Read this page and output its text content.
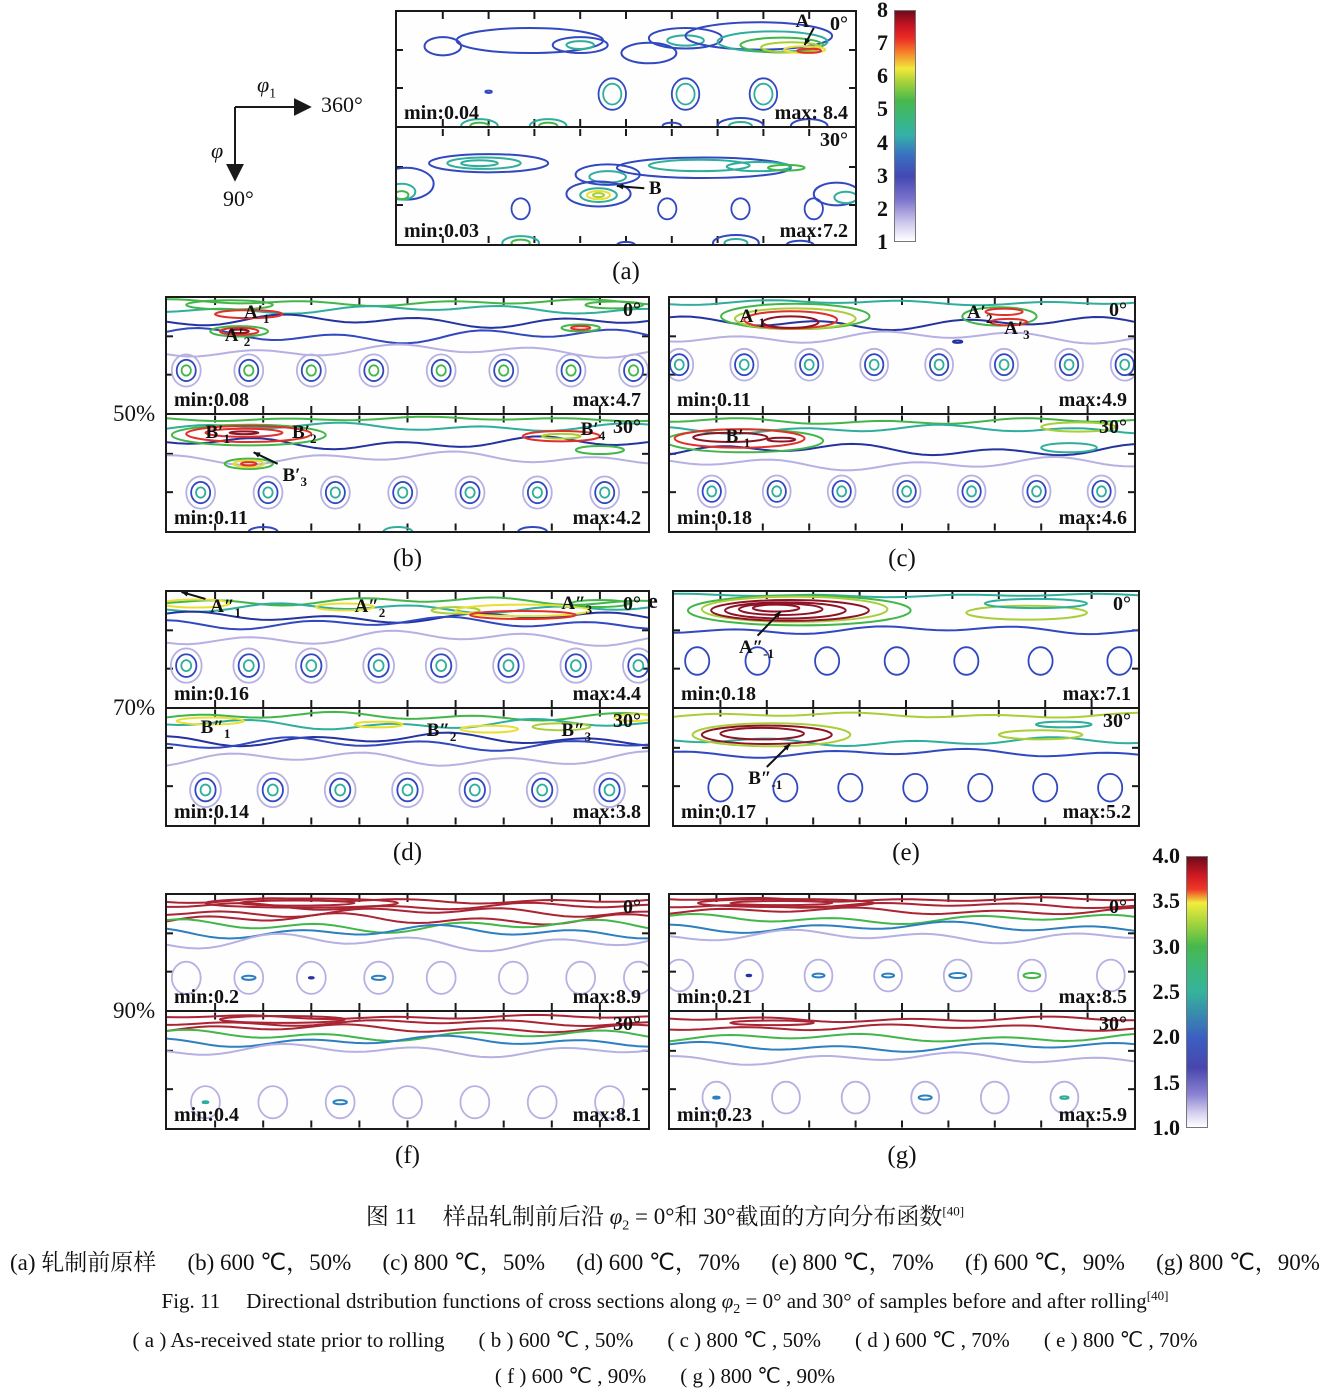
$\varphi_1$ 360°
φ
90°
min:0.04	max: 8.4
0°
A
min:0.03	max:7.2
30°
B
(a)
min:0.08	max:4.7
0°
$A'_1$
$A'_2$
min:0.11	max:4.2
30°
$B'_1$	$B'_2$
$B'_3$
$B'_4$
(b)
50%
min:0.11	max:4.9
0°
$A'_1$	$A'_2$ $A'_3$
min:0.18	max:4.6
30°
$B'_1$
(c)
min:0.16	max:4.4
0°
$A''_1$	$A''_2$	$A''_3$
min:0.14	max:3.8
30°
$B''_1$	$B''_2$	$B''_3$
(d)
70%
min:0.18	max:7.1
0°
$A''_{-1}$
min:0.17	max:5.2
30°
$B''_{-1}$
(e)
min:0.2	max:8.9
0°
min:0.4	max:8.1
30°
(f)
90%
min:0.21	max:8.5
0°
min:0.23	max:5.9
30°
(g)
8
7
6
5
4
3
2
1
4.0
3.5
3.0
2.5
2.0
1.5
1.0
e
图 11 样品轧制前后沿 $\varphi_2 = 0^\circ$和 30°截面的方向分布函数[40]
(a) 轧制前原样 (b) 600 ℃，50% (c) 800 ℃，50% (d) 600 ℃，70% (e) 800 ℃，70% (f) 600 ℃，90% (g) 800 ℃，90%
Fig. 11 Directional dstribution functions of cross sections along $\varphi_2 = 0^\circ$ and 30° of samples before and after rolling[40]
( a ) As-received state prior to rolling ( b ) 600 ℃ , 50% ( c ) 800 ℃ , 50% ( d ) 600 ℃ , 70% ( e ) 800 ℃ , 70%
( f ) 600 ℃ , 90% ( g ) 800 ℃ , 90%
